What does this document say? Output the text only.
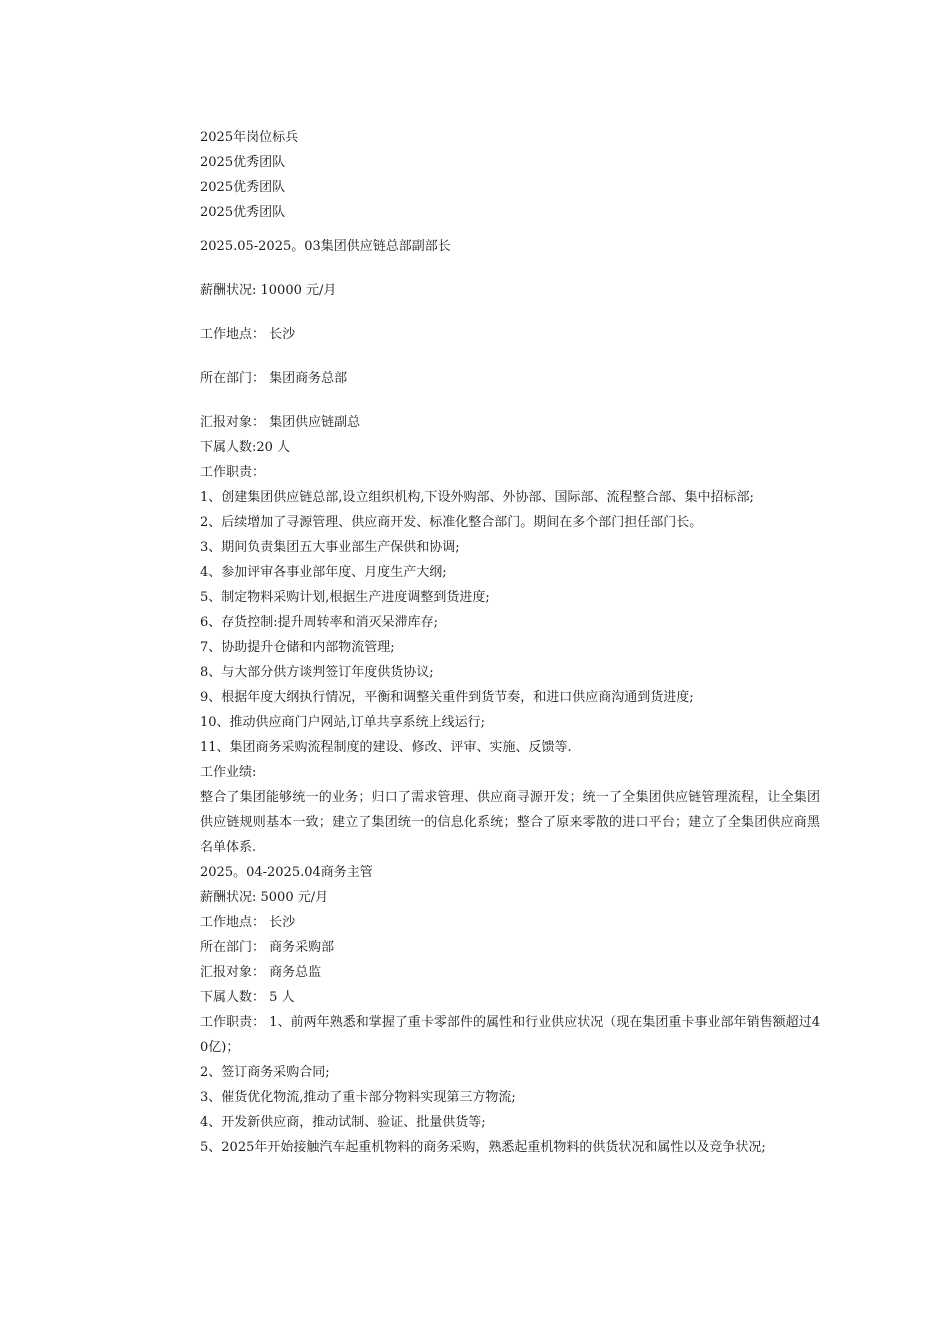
2025年岗位标兵
2025优秀团队
2025优秀团队
2025优秀团队
2025.05-2025。03集团供应链总部副部长
薪酬状况: 10000 元/月
工作地点： 长沙
所在部门： 集团商务总部
汇报对象： 集团供应链副总
下属人数:20 人
工作职责：
1、创建集团供应链总部,设立组织机构,下设外购部、外协部、国际部、流程整合部、集中招标部;
2、后续增加了寻源管理、供应商开发、标准化整合部门。期间在多个部门担任部门长。
3、期间负责集团五大事业部生产保供和协调;
4、参加评审各事业部年度、月度生产大纲;
5、制定物料采购计划,根据生产进度调整到货进度;
6、存货控制:提升周转率和消灭呆滞库存;
7、协助提升仓储和内部物流管理;
8、与大部分供方谈判签订年度供货协议;
9、根据年度大纲执行情况，平衡和调整关重件到货节奏，和进口供应商沟通到货进度;
10、推动供应商门户网站,订单共享系统上线运行;
11、集团商务采购流程制度的建设、修改、评审、实施、反馈等.
工作业绩:
整合了集团能够统一的业务；归口了需求管理、供应商寻源开发；统一了全集团供应链管理流程，让全集团供应链规则基本一致；建立了集团统一的信息化系统；整合了原来零散的进口平台；建立了全集团供应商黑名单体系.
2025。04-2025.04商务主管
薪酬状况: 5000 元/月
工作地点： 长沙
所在部门： 商务采购部
汇报对象： 商务总监
下属人数： 5 人
工作职责： 1、前两年熟悉和掌握了重卡零部件的属性和行业供应状况（现在集团重卡事业部年销售额超过40亿)；
2、签订商务采购合同;
3、催货优化物流,推动了重卡部分物料实现第三方物流;
4、开发新供应商，推动试制、验证、批量供货等;
5、2025年开始接触汽车起重机物料的商务采购，熟悉起重机物料的供货状况和属性以及竞争状况;
